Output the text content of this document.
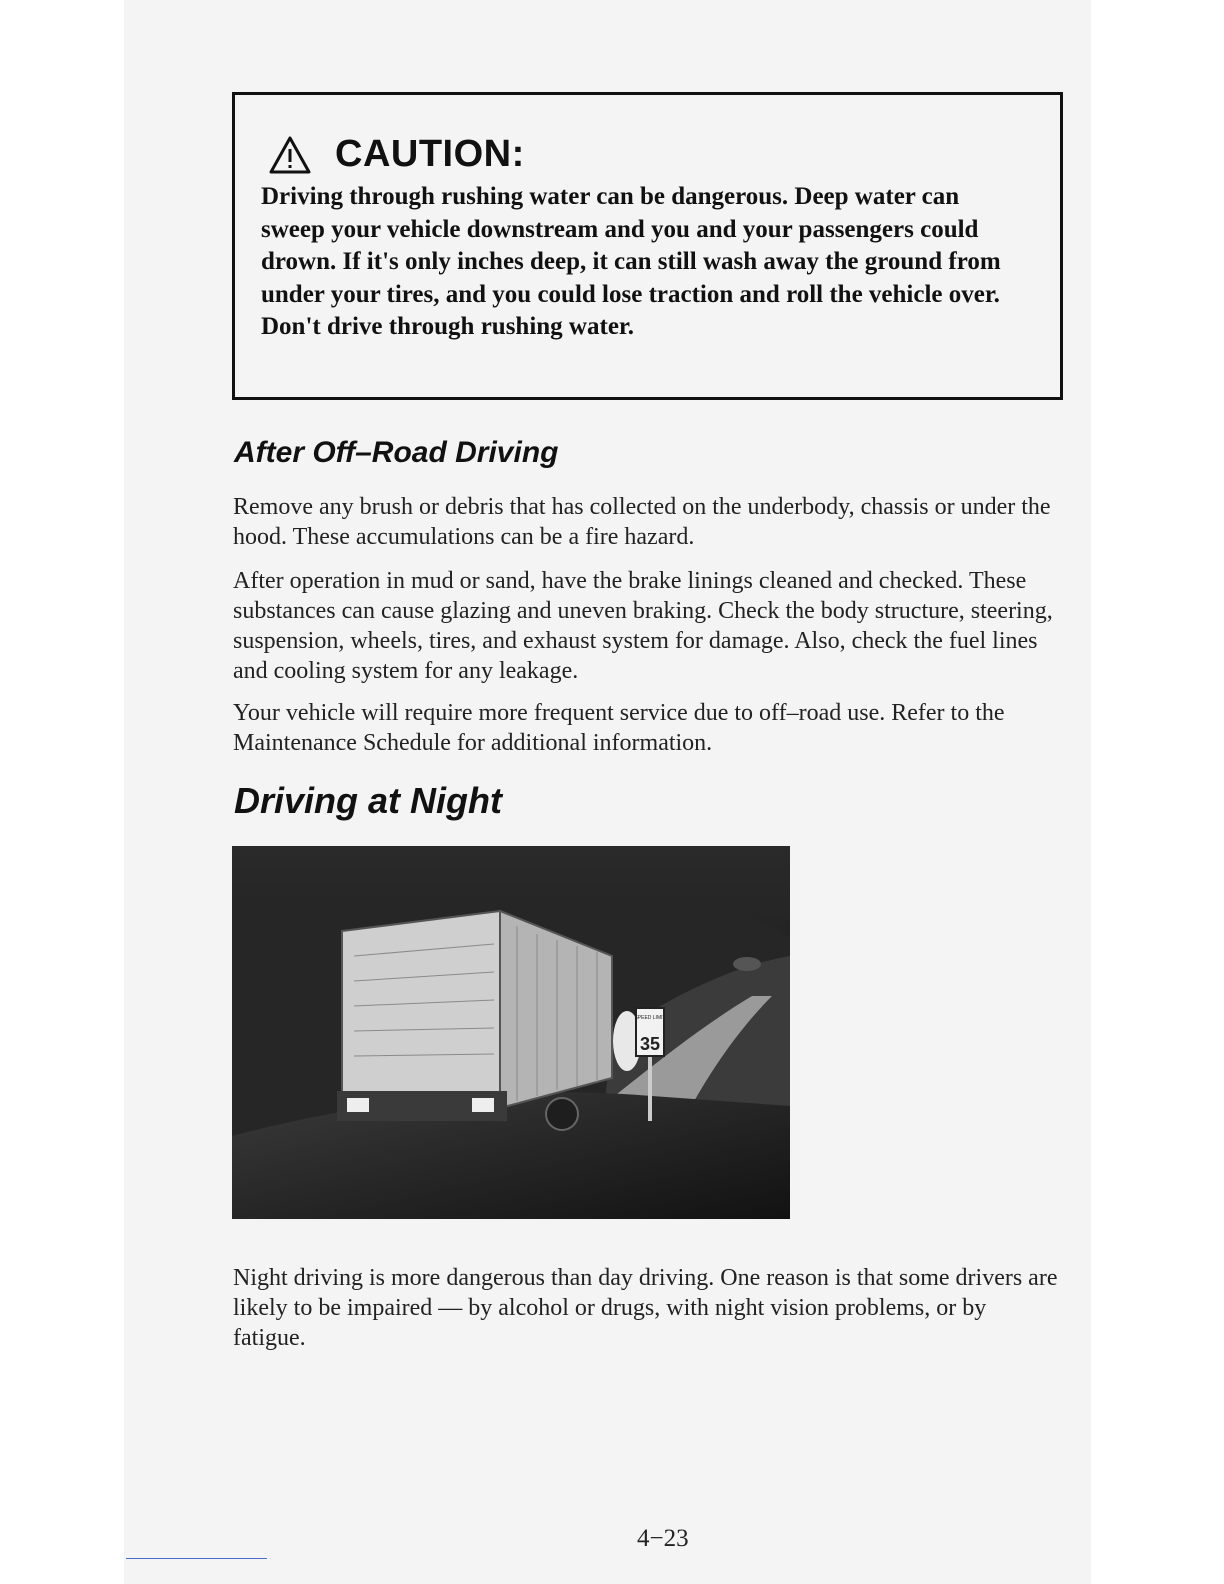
CAUTION:

Driving through rushing water can be dangerous. Deep water can sweep your vehicle downstream and you and your passengers could drown. If it's only inches deep, it can still wash away the ground from under your tires, and you could lose traction and roll the vehicle over. Don't drive through rushing water.

After Off–Road Driving

Remove any brush or debris that has collected on the underbody, chassis or under the hood. These accumulations can be a fire hazard.

After operation in mud or sand, have the brake linings cleaned and checked. These substances can cause glazing and uneven braking. Check the body structure, steering, suspension, wheels, tires, and exhaust system for damage. Also, check the fuel lines and cooling system for any leakage.

Your vehicle will require more frequent service due to off–road use. Refer to the Maintenance Schedule for additional information.

Driving at Night
SPEED LIMIT
35

Night driving is more dangerous than day driving. One reason is that some drivers are likely to be impaired — by alcohol or drugs, with night vision problems, or by fatigue.

4−23
